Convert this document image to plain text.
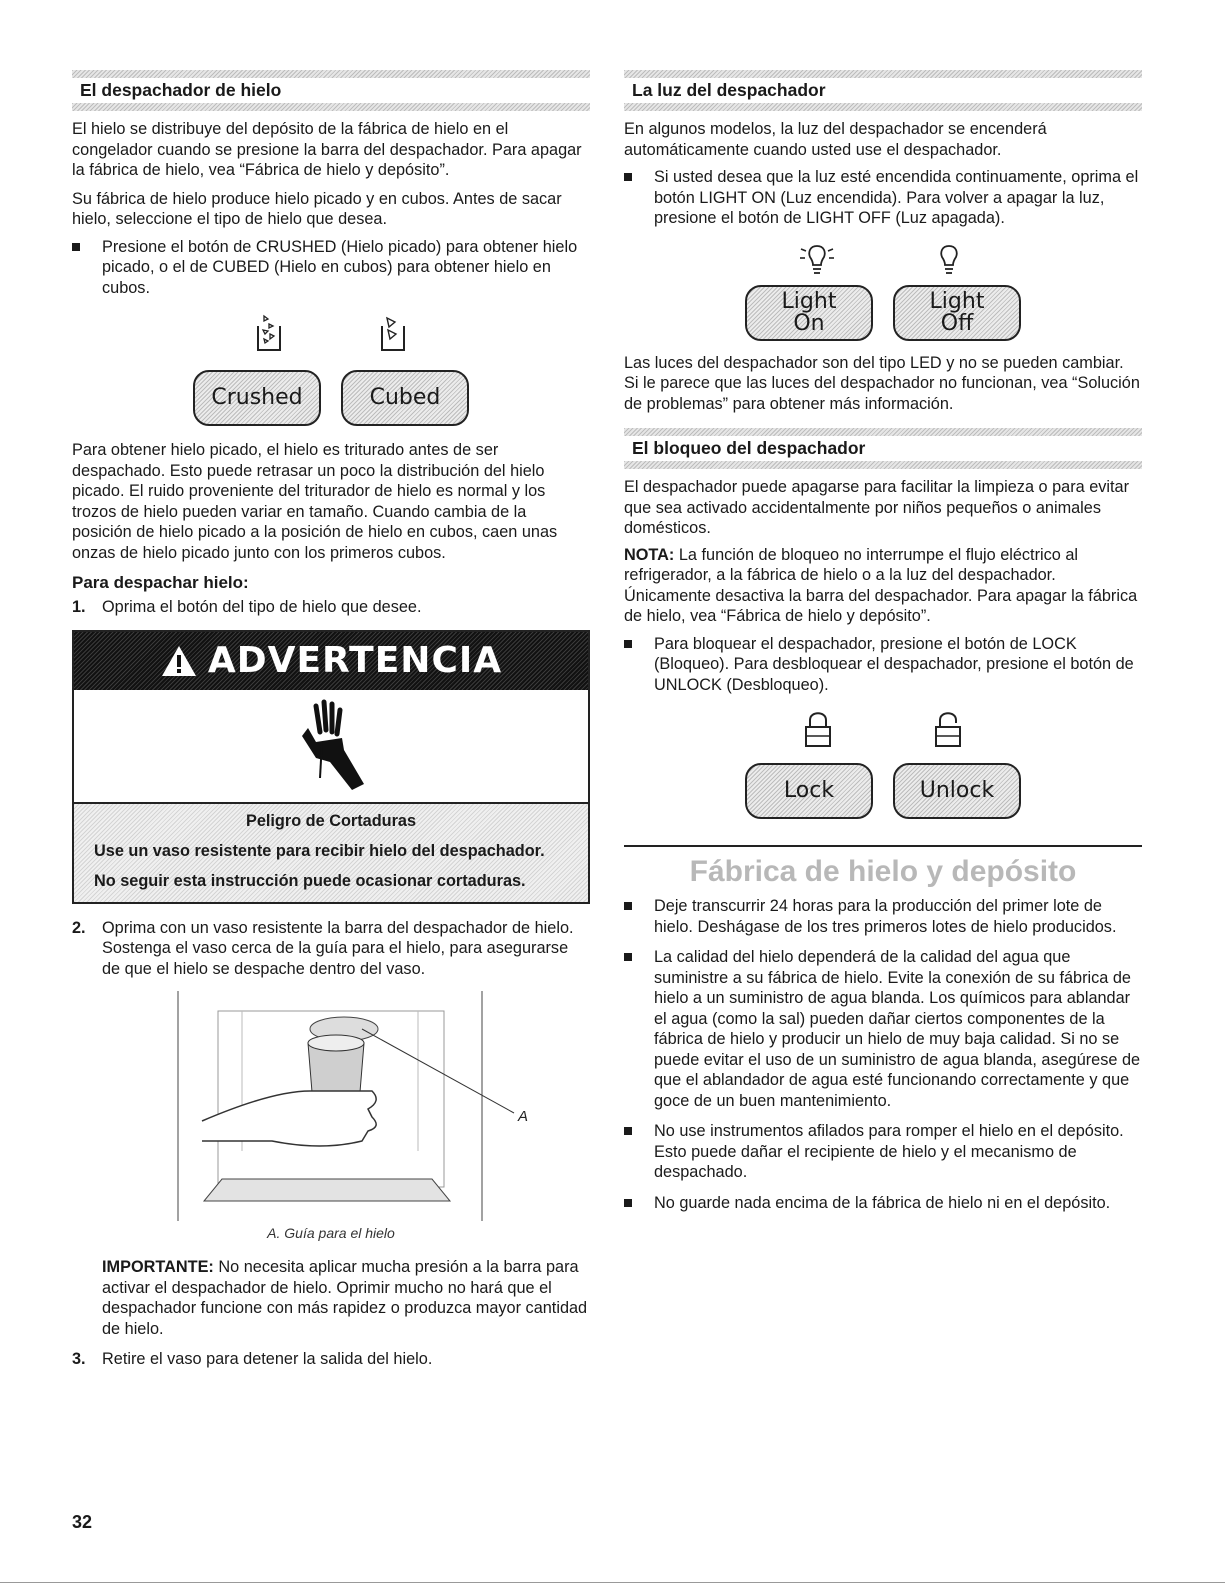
El despachador de hielo

El hielo se distribuye del depósito de la fábrica de hielo en el congelador cuando se presione la barra del despachador. Para apagar la fábrica de hielo, vea “Fábrica de hielo y depósito”.

Su fábrica de hielo produce hielo picado y en cubos. Antes de sacar hielo, seleccione el tipo de hielo que desea.

Presione el botón de CRUSHED (Hielo picado) para obtener hielo picado, o el de CUBED (Hielo en cubos) para obtener hielo en cubos.
Crushed	Cubed

Para obtener hielo picado, el hielo es triturado antes de ser despachado. Esto puede retrasar un poco la distribución del hielo picado. El ruido proveniente del triturador de hielo es normal y los trozos de hielo pueden variar en tamaño. Cuando cambia de la posición de hielo picado a la posición de hielo en cubos, caen unas onzas de hielo picado junto con los primeros cubos.

Para despachar hielo:
1. Oprima el botón del tipo de hielo que desee.
ADVERTENCIA
Peligro de Cortaduras
Use un vaso resistente para recibir hielo del despachador.
No seguir esta instrucción puede ocasionar cortaduras.
2. Oprima con un vaso resistente la barra del despachador de hielo. Sostenga el vaso cerca de la guía para el hielo, para asegurarse de que el hielo se despache dentro del vaso.
A
A. Guía para el hielo

IMPORTANTE: No necesita aplicar mucha presión a la barra para activar el despachador de hielo. Oprimir mucho no hará que el despachador funcione con más rapidez o produzca mayor cantidad de hielo.

3. Retire el vaso para detener la salida del hielo.
La luz del despachador

En algunos modelos, la luz del despachador se encenderá automáticamente cuando usted use el despachador.

Si usted desea que la luz esté encendida continuamente, oprima el botón LIGHT ON (Luz encendida). Para volver a apagar la luz, presione el botón de LIGHT OFF (Luz apagada).
Light
On
Light
Off

Las luces del despachador son del tipo LED y no se pueden cambiar. Si le parece que las luces del despachador no funcionan, vea “Solución de problemas” para obtener más información.

El bloqueo del despachador

El despachador puede apagarse para facilitar la limpieza o para evitar que sea activado accidentalmente por niños pequeños o animales domésticos.

NOTA: La función de bloqueo no interrumpe el flujo eléctrico al refrigerador, a la fábrica de hielo o a la luz del despachador. Únicamente desactiva la barra del despachador. Para apagar la fábrica de hielo, vea “Fábrica de hielo y depósito”.

Para bloquear el despachador, presione el botón de LOCK (Bloqueo). Para desbloquear el despachador, presione el botón de UNLOCK (Desbloqueo).
Lock	Unlock
Fábrica de hielo y depósito
Deje transcurrir 24 horas para la producción del primer lote de hielo. Deshágase de los tres primeros lotes de hielo producidos.
La calidad del hielo dependerá de la calidad del agua que suministre a su fábrica de hielo. Evite la conexión de su fábrica de hielo a un suministro de agua blanda. Los químicos para ablandar el agua (como la sal) pueden dañar ciertos componentes de la fábrica de hielo y producir un hielo de muy baja calidad. Si no se puede evitar el uso de un suministro de agua blanda, asegúrese de que el ablandador de agua esté funcionando correctamente y que goce de un buen mantenimiento.
No use instrumentos afilados para romper el hielo en el depósito. Esto puede dañar el recipiente de hielo y el mecanismo de despachado.
No guarde nada encima de la fábrica de hielo ni en el depósito.
32
